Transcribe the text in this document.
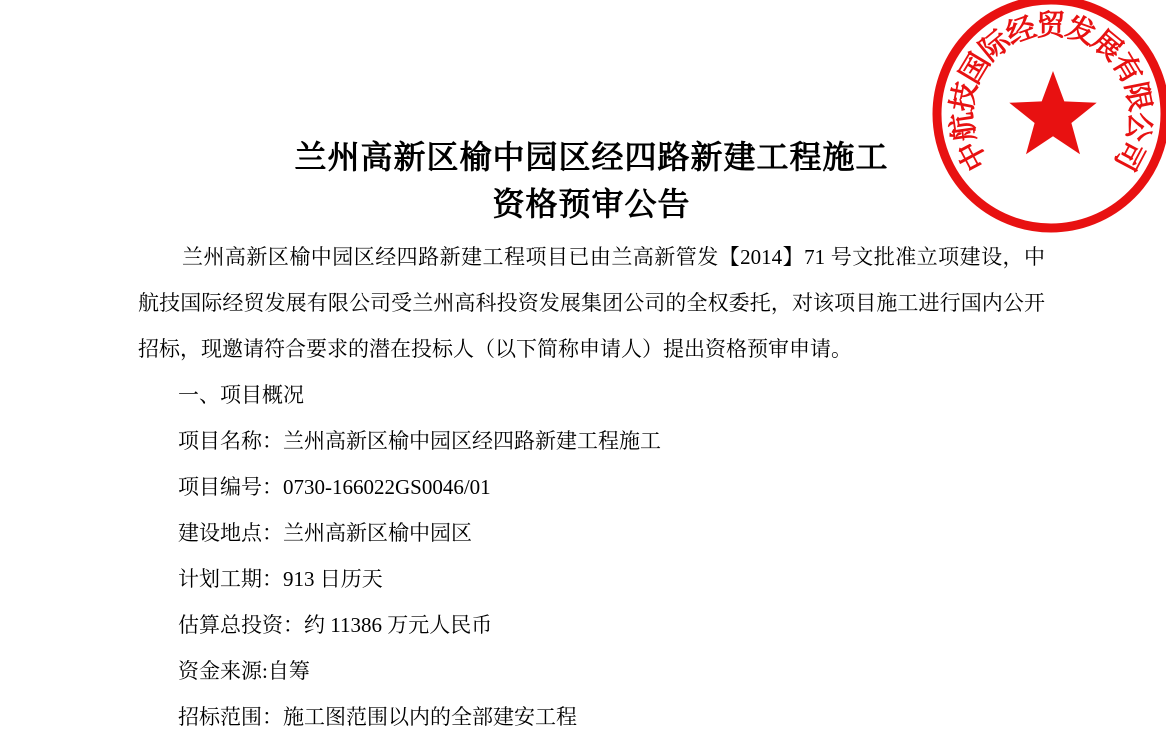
兰州高新区榆中园区经四路新建工程施工
资格预审公告

兰州高新区榆中园区经四路新建工程项目已由兰高新管发【2014】71 号文批准立项建设，中航技国际经贸发展有限公司受兰州高科投资发展集团公司的全权委托，对该项目施工进行国内公开招标，现邀请符合要求的潜在投标人（以下简称申请人）提出资格预审申请。

一、项目概况
项目名称：兰州高新区榆中园区经四路新建工程施工
项目编号：0730-166022GS0046/01
建设地点：兰州高新区榆中园区
计划工期：913 日历天
估算总投资：约 11386 万元人民币
资金来源:自筹
招标范围：施工图范围以内的全部建安工程
中
航
技
国
际
经
贸
发
展
有
限
公
司
